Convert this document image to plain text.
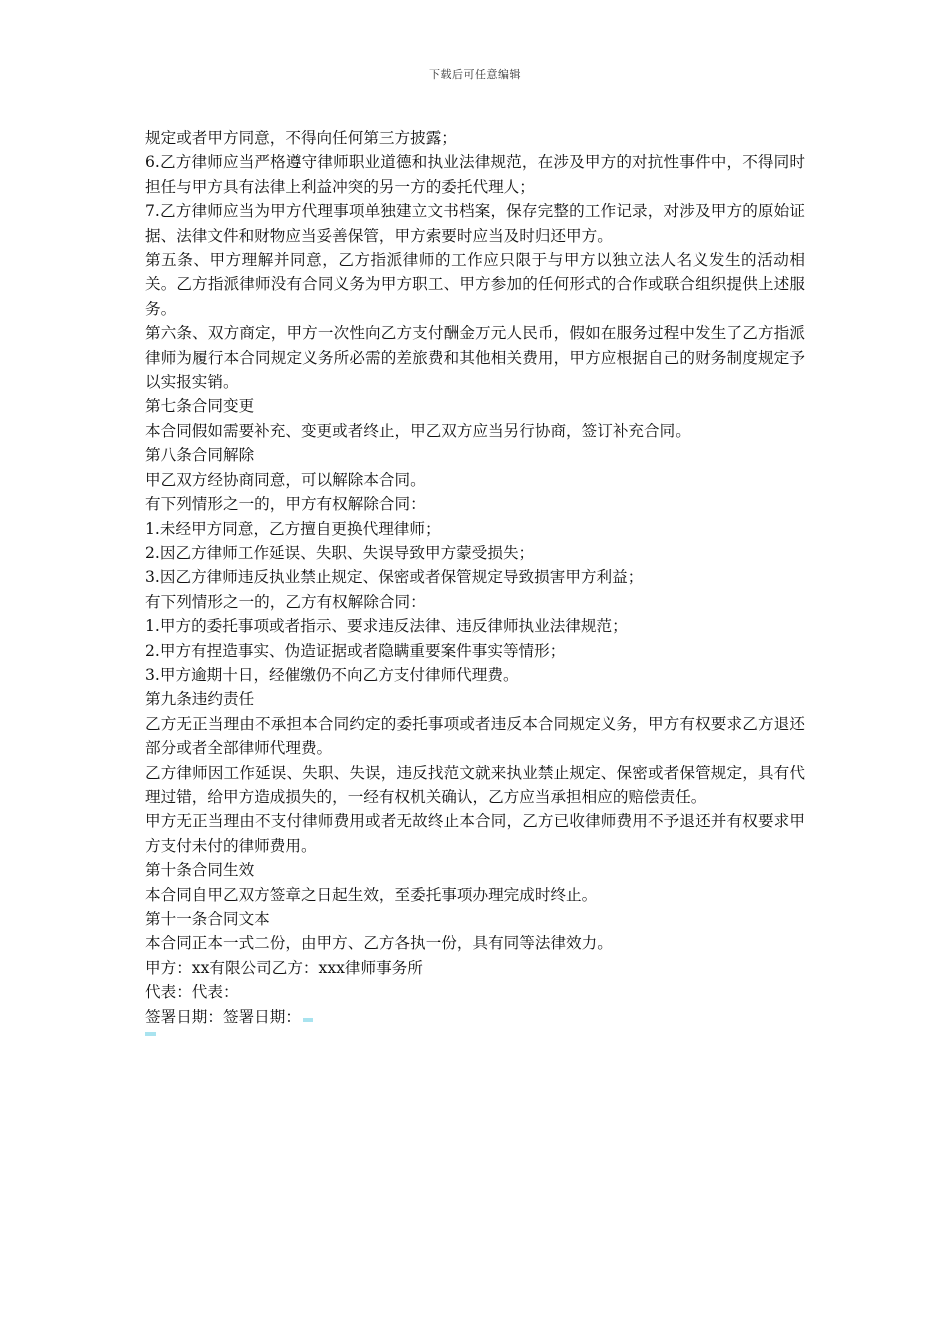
下载后可任意编辑

规定或者甲方同意，不得向任何第三方披露；

6.乙方律师应当严格遵守律师职业道德和执业法律规范，在涉及甲方的对抗性事件中，不得同时担任与甲方具有法律上利益冲突的另一方的委托代理人；

7.乙方律师应当为甲方代理事项单独建立文书档案，保存完整的工作记录，对涉及甲方的原始证据、法律文件和财物应当妥善保管，甲方索要时应当及时归还甲方。

第五条、甲方理解并同意，乙方指派律师的工作应只限于与甲方以独立法人名义发生的活动相关。乙方指派律师没有合同义务为甲方职工、甲方参加的任何形式的合作或联合组织提供上述服务。

第六条、双方商定，甲方一次性向乙方支付酬金万元人民币，假如在服务过程中发生了乙方指派律师为履行本合同规定义务所必需的差旅费和其他相关费用，甲方应根据自己的财务制度规定予以实报实销。

第七条合同变更

本合同假如需要补充、变更或者终止，甲乙双方应当另行协商，签订补充合同。

第八条合同解除

甲乙双方经协商同意，可以解除本合同。

有下列情形之一的，甲方有权解除合同：

1.未经甲方同意，乙方擅自更换代理律师；

2.因乙方律师工作延误、失职、失误导致甲方蒙受损失；

3.因乙方律师违反执业禁止规定、保密或者保管规定导致损害甲方利益；

有下列情形之一的，乙方有权解除合同：

1.甲方的委托事项或者指示、要求违反法律、违反律师执业法律规范；

2.甲方有捏造事实、伪造证据或者隐瞒重要案件事实等情形；

3.甲方逾期十日，经催缴仍不向乙方支付律师代理费。

第九条违约责任

乙方无正当理由不承担本合同约定的委托事项或者违反本合同规定义务，甲方有权要求乙方退还部分或者全部律师代理费。

乙方律师因工作延误、失职、失误，违反找范文就来执业禁止规定、保密或者保管规定，具有代理过错，给甲方造成损失的，一经有权机关确认，乙方应当承担相应的赔偿责任。

甲方无正当理由不支付律师费用或者无故终止本合同，乙方已收律师费用不予退还并有权要求甲方支付未付的律师费用。

第十条合同生效

本合同自甲乙双方签章之日起生效，至委托事项办理完成时终止。

第十一条合同文本

本合同正本一式二份，由甲方、乙方各执一份，具有同等法律效力。

甲方：xx有限公司乙方：xxx律师事务所

代表：代表：

签署日期：签署日期：
